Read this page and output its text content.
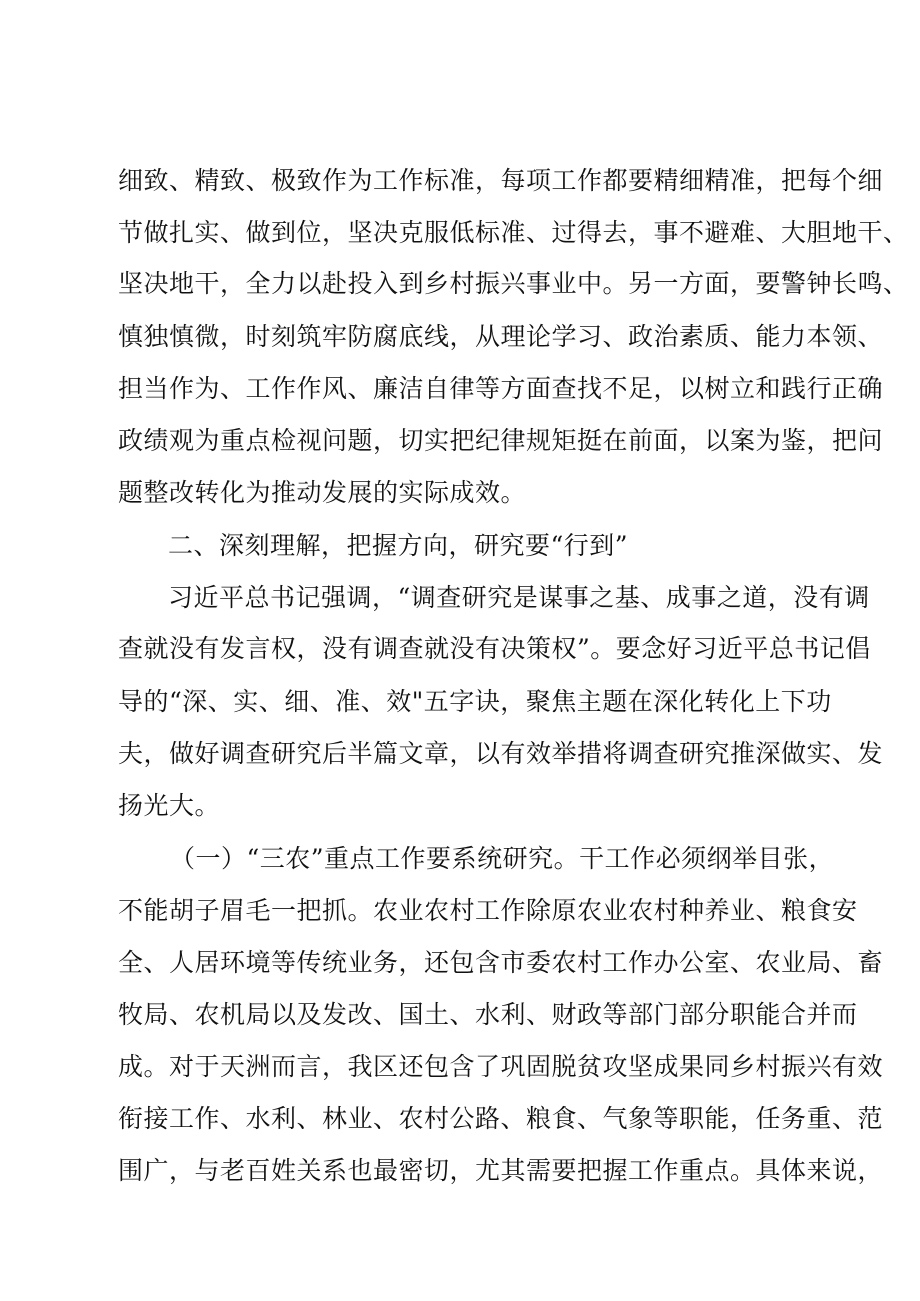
细致、精致、极致作为工作标准，每项工作都要精细精准，把每个细
节做扎实、做到位，坚决克服低标准、过得去，事不避难、大胆地干、
坚决地干，全力以赴投入到乡村振兴事业中。另一方面，要警钟长鸣、
慎独慎微，时刻筑牢防腐底线，从理论学习、政治素质、能力本领、
担当作为、工作作风、廉洁自律等方面查找不足，以树立和践行正确
政绩观为重点检视问题，切实把纪律规矩挺在前面，以案为鉴，把问
题整改转化为推动发展的实际成效。
二、深刻理解，把握方向，研究要“行到”
习近平总书记强调，“调查研究是谋事之基、成事之道，没有调
查就没有发言权，没有调查就没有决策权”。要念好习近平总书记倡
导的“深、实、细、准、效"五字诀，聚焦主题在深化转化上下功
夫，做好调查研究后半篇文章，以有效举措将调查研究推深做实、发
扬光大。
（一）“三农”重点工作要系统研究。干工作必须纲举目张，
不能胡子眉毛一把抓。农业农村工作除原农业农村种养业、粮食安
全、人居环境等传统业务，还包含市委农村工作办公室、农业局、畜
牧局、农机局以及发改、国土、水利、财政等部门部分职能合并而
成。对于天洲而言，我区还包含了巩固脱贫攻坚成果同乡村振兴有效
衔接工作、水利、林业、农村公路、粮食、气象等职能，任务重、范
围广，与老百姓关系也最密切，尤其需要把握工作重点。具体来说，
